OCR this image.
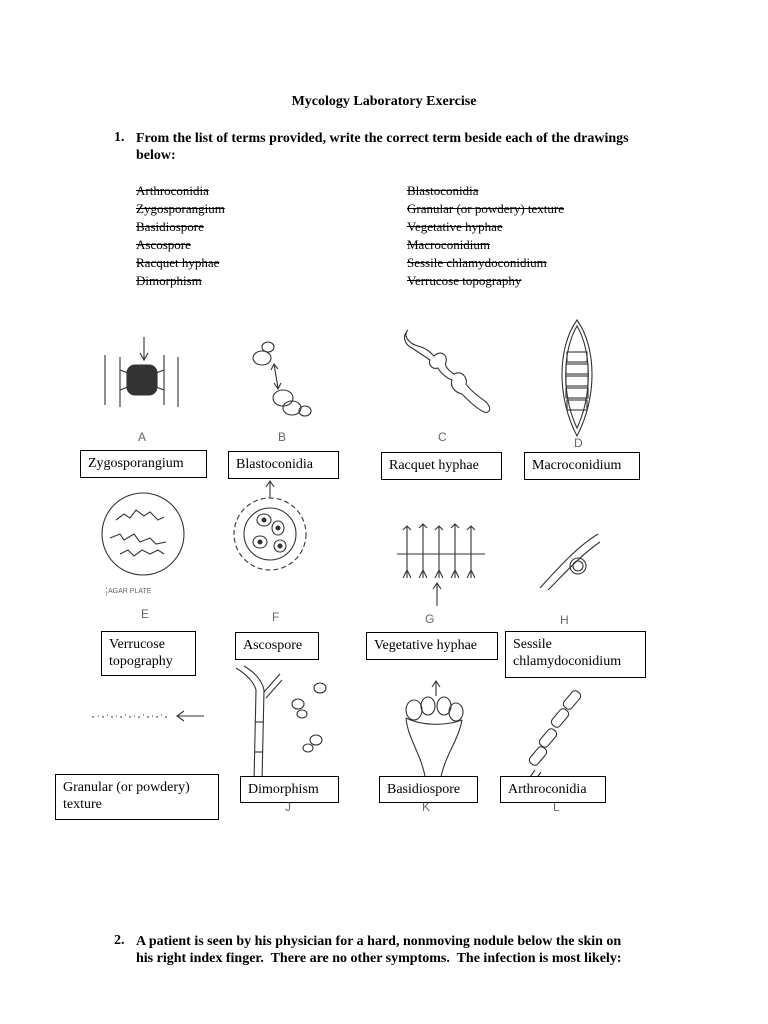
Mycology Laboratory Exercise
1. From the list of terms provided, write the correct term beside each of the drawings
below:
Arthroconidia
Zygosporangium
Basidiospore
Ascospore
Racquet hyphae
Dimorphism
Blastoconidia
Granular (or powdery) texture
Vegetative hyphae
Macroconidium
Sessile chlamydoconidium
Verrucose topography
A	B	C	D
Zygosporangium	Blastoconidia	Racquet hyphae	Macroconidium
AGAR PLATE
E	F	G	H
Verrucose topography
Ascospore	Vegetative hyphae	Sessile chlamydoconidium
Granular (or powdery) texture
Dimorphism	Basidiospore	Arthroconidia
J	K	L
I
2. A patient is seen by his physician for a hard, nonmoving nodule below the skin on
his right index finger.  There are no other symptoms.  The infection is most likely:
